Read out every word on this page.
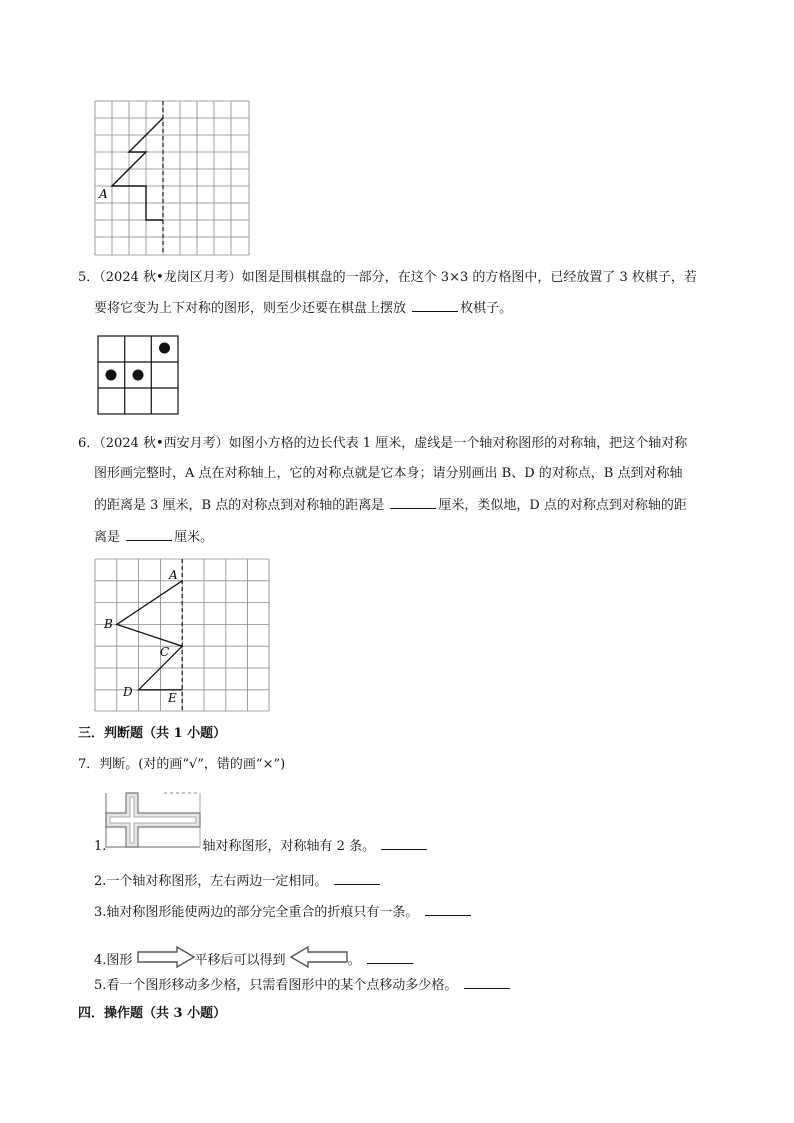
A
5．（2024 秋•龙岗区月考）如图是围棋棋盘的一部分，在这个 3×3 的方格图中，已经放置了 3 枚棋子，若
要将它变为上下对称的图形，则至少还要在棋盘上摆放	枚棋子。
6．（2024 秋•西安月考）如图小方格的边长代表 1 厘米，虚线是一个轴对称图形的对称轴，把这个轴对称
图形画完整时，A 点在对称轴上，它的对称点就是它本身；请分别画出 B、D 的对称点，B 点到对称轴
的距离是 3 厘米，B 点的对称点到对称轴的距离是	厘米，类似地，D 点的对称点到对称轴的距
离是	厘米。
A
B
C
D	E
三．判断题（共 1 小题）
7．判断。(对的画“√”，错的画“×”)
1.	轴对称图形，对称轴有 2 条。
2.一个轴对称图形，左右两边一定相同。
3.轴对称图形能使两边的部分完全重合的折痕只有一条。
4.图形	平移后可以得到	。
5.看一个图形移动多少格，只需看图形中的某个点移动多少格。
四．操作题（共 3 小题）
